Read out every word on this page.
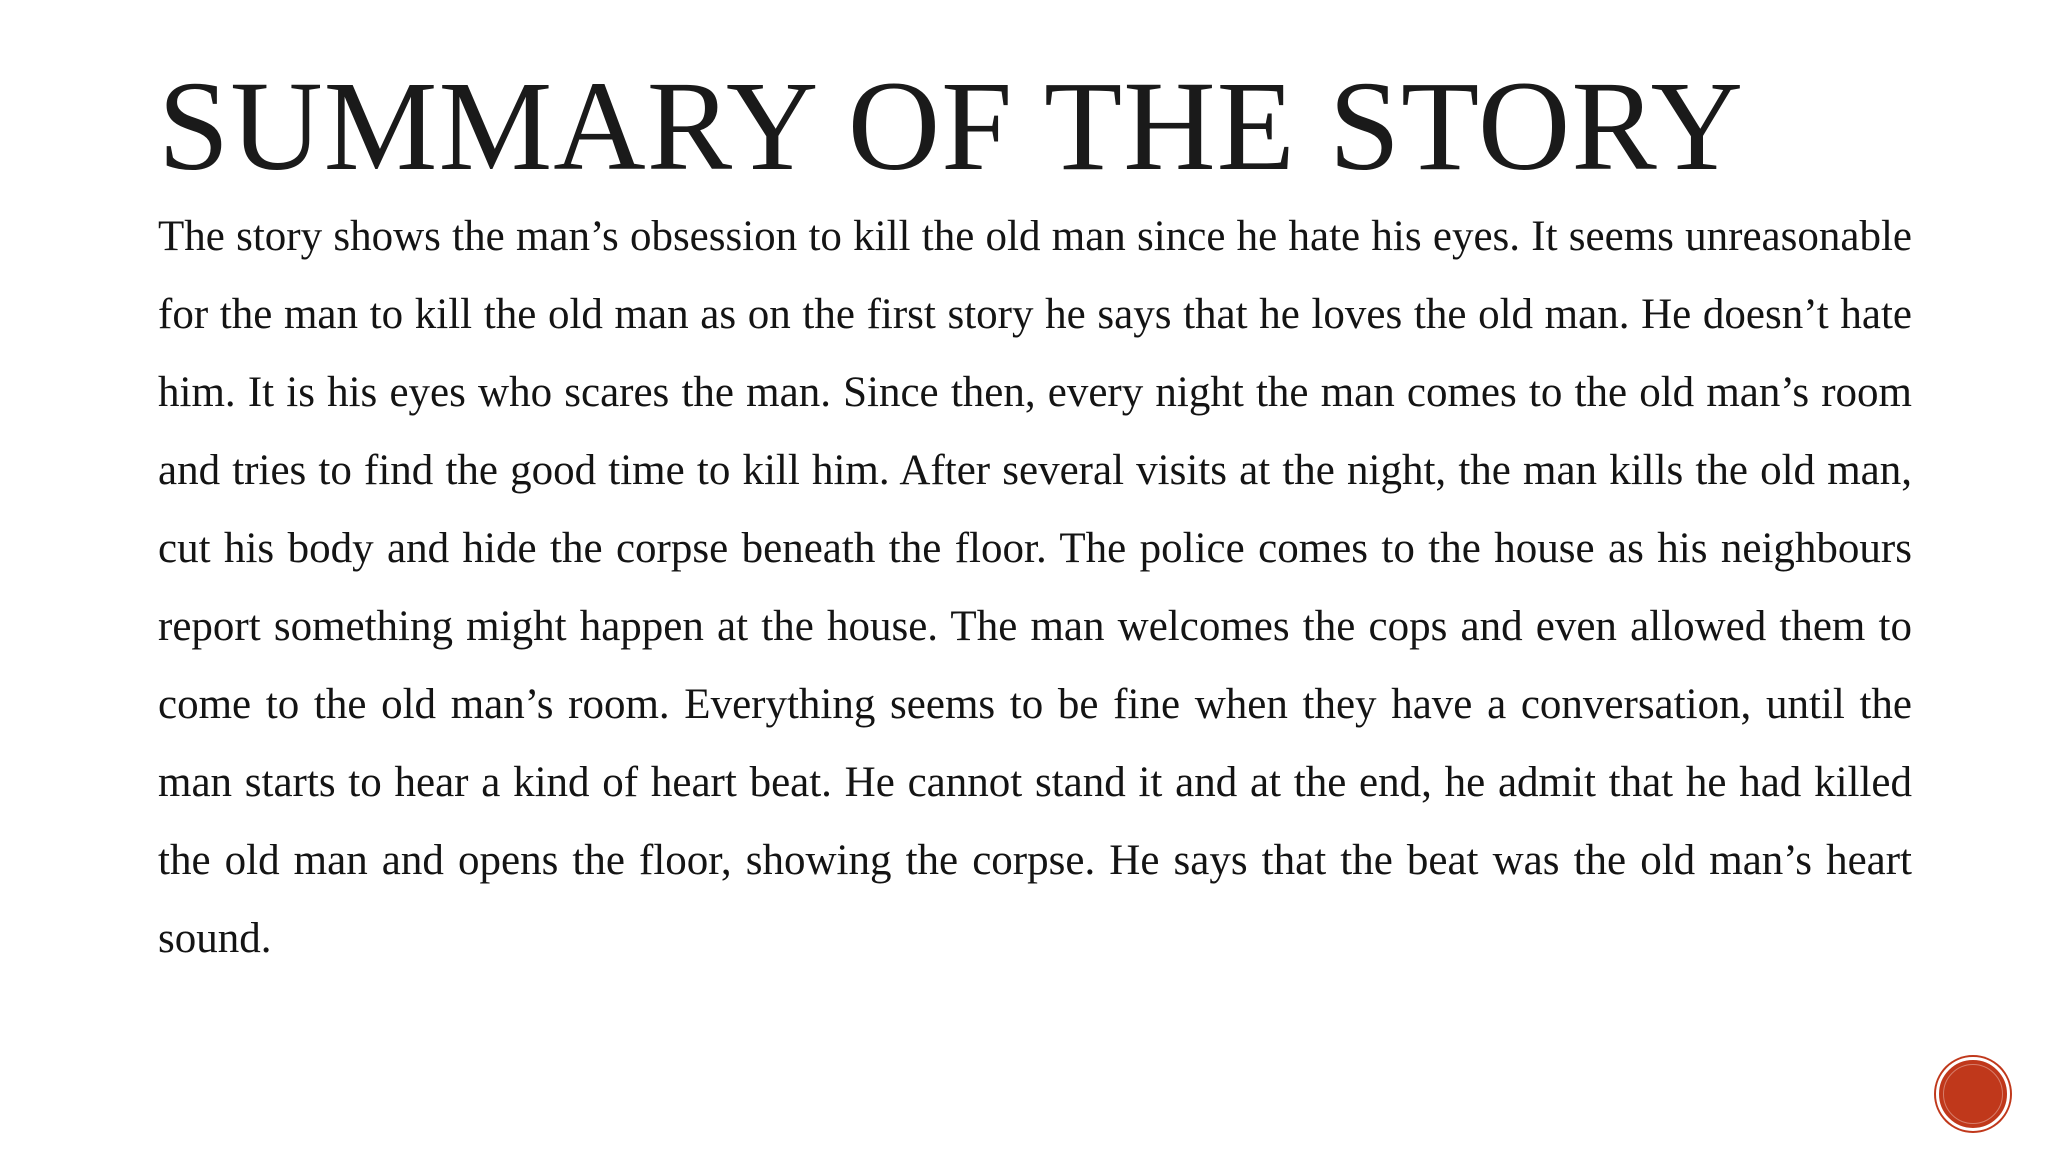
SUMMARY OF THE STORY

The story shows the man’s obsession to kill the old man since he hate his eyes. It seems unreasonable for the man to kill the old man as on the first story he says that he loves the old man. He doesn’t hate him. It is his eyes who scares the man. Since then, every night the man comes to the old man’s room and tries to find the good time to kill him. After several visits at the night, the man kills the old man, cut his body and hide the corpse beneath the floor. The police comes to the house as his neighbours report something might happen at the house. The man welcomes the cops and even allowed them to come to the old man’s room. Everything seems to be fine when they have a conversation, until the man starts to hear a kind of heart beat. He cannot stand it and at the end, he admit that he had killed the old man and opens the floor, showing the corpse. He says that the beat was the old man’s heart sound.
